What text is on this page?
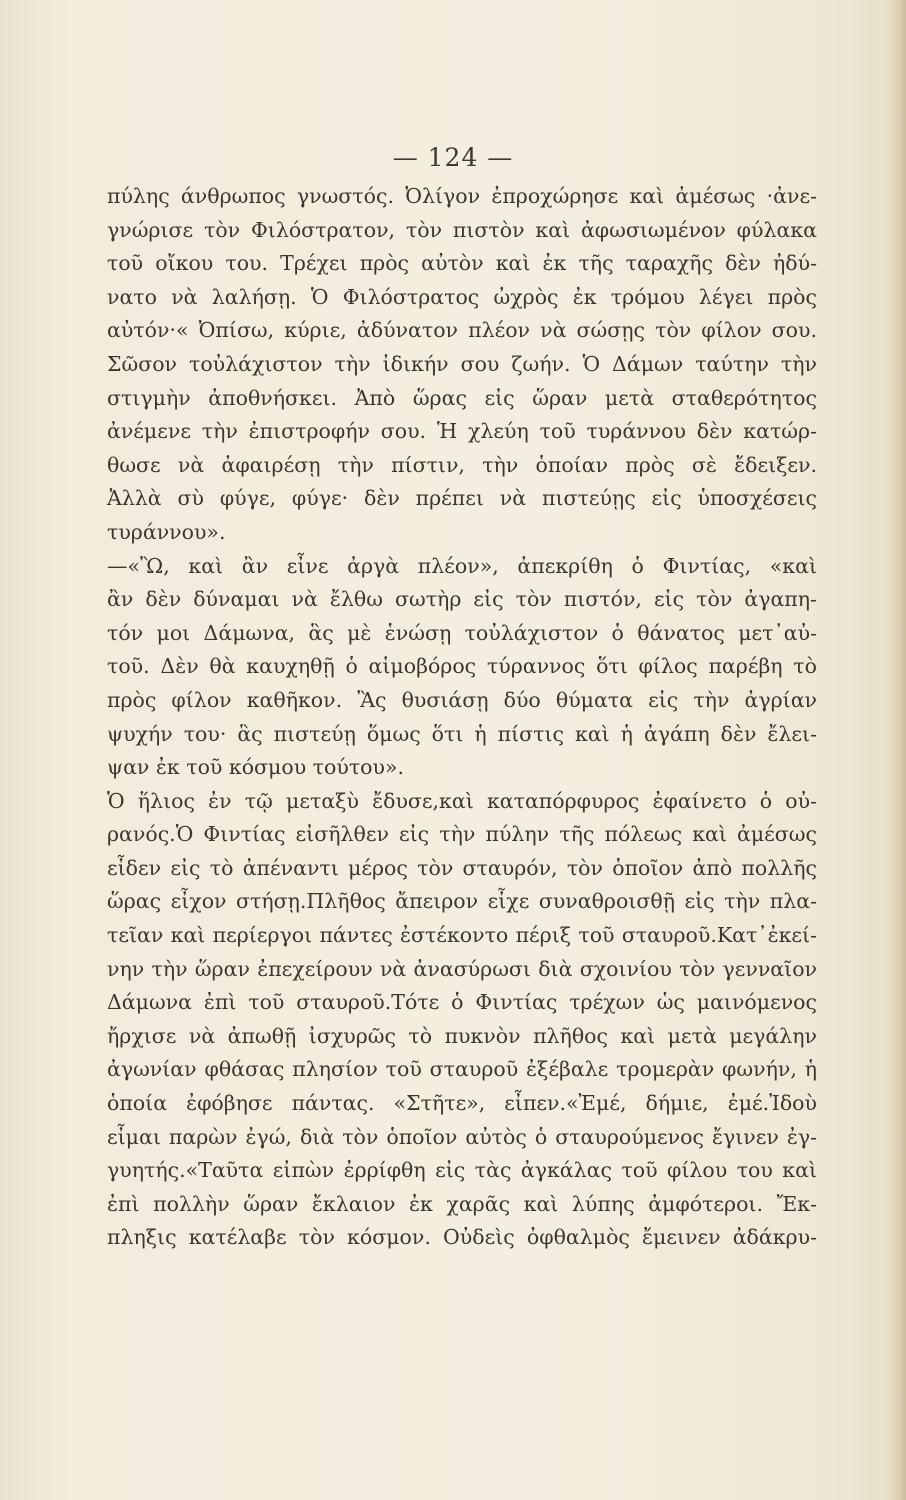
— 124 —
πύλης άνθρωπος γνωστός. Ὀλίγον ἐπροχώρησε καὶ ἀμέσως ·ἀνε-
γνώρισε τὸν Φιλόστρατον, τὸν πιστὸν καὶ ἀφωσιωμένον φύλακα
τοῦ οἴκου του. Τρέχει πρὸς αὐτὸν καὶ ἐκ τῆς ταραχῆς δὲν ἠδύ-
νατο νὰ λαλήσῃ. Ὁ Φιλόστρατος ὠχρὸς ἐκ τρόμου λέγει πρὸς
αὐτόν·« Ὀπίσω, κύριε, ἀδύνατον πλέον νὰ σώσῃς τὸν φίλον σου.
Σῶσον τοὐλάχιστον τὴν ἰδικήν σου ζωήν. Ὁ Δάμων ταύτην τὴν
στιγμὴν ἀποθνήσκει. Ἀπὸ ὥρας εἰς ὥραν μετὰ σταθερότητος
ἀνέμενε τὴν ἐπιστροφήν σου. Ἡ χλεύη τοῦ τυράννου δὲν κατώρ-
θωσε νὰ ἀφαιρέσῃ τὴν πίστιν, τὴν ὁποίαν πρὸς σὲ ἔδειξεν.
Ἀλλὰ σὺ φύγε, φύγε· δὲν πρέπει νὰ πιστεύῃς εἰς ὑποσχέσεις
τυράννου».
—«Ὢ, καὶ ἂν εἶνε ἀργὰ πλέον», ἀπεκρίθη ὁ Φιντίας, «καὶ
ἂν δὲν δύναμαι νὰ ἔλθω σωτὴρ εἰς τὸν πιστόν, εἰς τὸν ἀγαπη-
τόν μοι Δάμωνα, ἃς μὲ ἑνώσῃ τοὐλάχιστον ὁ θάνατος μετ᾽αὐ-
τοῦ. Δὲν θὰ καυχηθῇ ὁ αἱμοβόρος τύραννος ὅτι φίλος παρέβη τὸ
πρὸς φίλον καθῆκον. Ἂς θυσιάσῃ δύο θύματα εἰς τὴν ἀγρίαν
ψυχήν του· ἃς πιστεύῃ ὅμως ὅτι ἡ πίστις καὶ ἡ ἀγάπη δὲν ἔλει-
ψαν ἐκ τοῦ κόσμου τούτου».
Ὁ ἥλιος ἐν τῷ μεταξὺ ἔδυσε,καὶ καταπόρφυρος ἐφαίνετο ὁ οὐ-
ρανός.Ὁ Φιντίας εἰσῆλθεν εἰς τὴν πύλην τῆς πόλεως καὶ ἀμέσως
εἶδεν εἰς τὸ ἀπέναντι μέρος τὸν σταυρόν, τὸν ὁποῖον ἀπὸ πολλῆς
ὥρας εἶχον στήσῃ.Πλῆθος ἄπειρον εἶχε συναθροισθῇ εἰς τὴν πλα-
τεῖαν καὶ περίεργοι πάντες ἐστέκοντο πέριξ τοῦ σταυροῦ.Κατ᾽ἐκεί-
νην τὴν ὥραν ἐπεχείρουν νὰ ἀνασύρωσι διὰ σχοινίου τὸν γενναῖον
Δάμωνα ἐπὶ τοῦ σταυροῦ.Τότε ὁ Φιντίας τρέχων ὡς μαινόμενος
ἤρχισε νὰ ἀπωθῇ ἰσχυρῶς τὸ πυκνὸν πλῆθος καὶ μετὰ μεγάλην
ἀγωνίαν φθάσας πλησίον τοῦ σταυροῦ ἐξέβαλε τρομερὰν φωνήν, ἡ
ὁποία ἐφόβησε πάντας. «Στῆτε», εἶπεν.«Ἐμέ, δήμιε, ἐμέ.Ἰδοὺ
εἶμαι παρὼν ἐγώ, διὰ τὸν ὁποῖον αὐτὸς ὁ σταυρούμενος ἔγινεν ἐγ-
γυητής.«Ταῦτα εἰπὼν ἐρρίφθη εἰς τὰς ἀγκάλας τοῦ φίλου του καὶ
ἐπὶ πολλὴν ὥραν ἔκλαιον ἐκ χαρᾶς καὶ λύπης ἀμφότεροι. Ἔκ-
πληξις κατέλαβε τὸν κόσμον. Οὐδεὶς ὀφθαλμὸς ἔμεινεν ἀδάκρυ-
